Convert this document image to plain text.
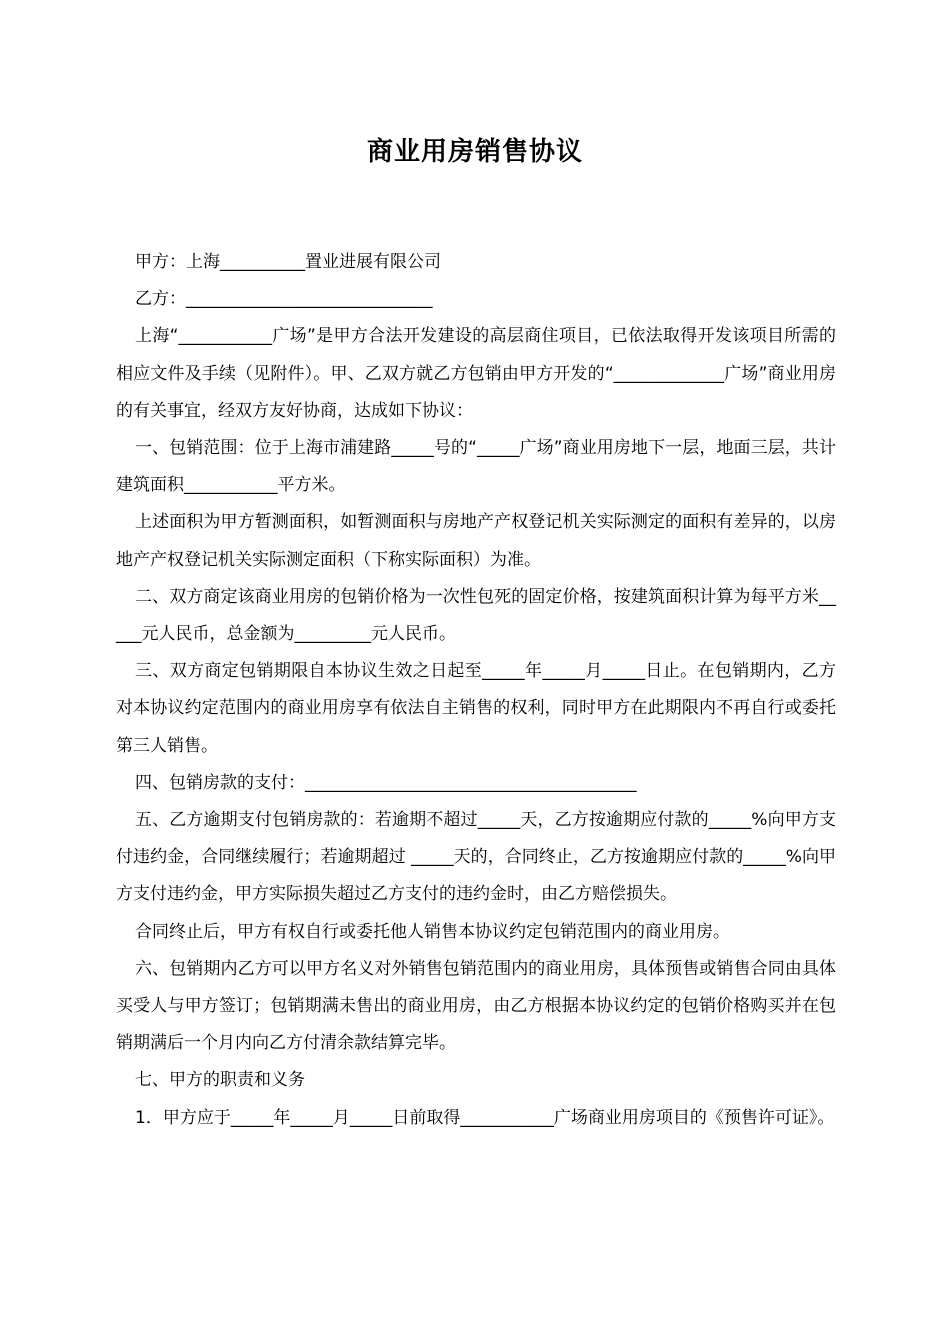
商业用房销售协议

甲方：上海__________置业进展有限公司

乙方：_____________________________

上海“___________广场”是甲方合法开发建设的高层商住项目，已依法取得开发该项目所需的相应文件及手续（见附件）。甲、乙双方就乙方包销由甲方开发的“_____________广场”商业用房的有关事宜，经双方友好协商，达成如下协议：

一、包销范围：位于上海市浦建路_____号的“_____广场”商业用房地下一层，地面三层，共计建筑面积___________平方米。

上述面积为甲方暂测面积，如暂测面积与房地产产权登记机关实际测定的面积有差异的，以房地产产权登记机关实际测定面积（下称实际面积）为准。

二、双方商定该商业用房的包销价格为一次性包死的固定价格，按建筑面积计算为每平方米_____元人民币，总金额为_________元人民币。

三、双方商定包销期限自本协议生效之日起至_____年_____月_____日止。在包销期内，乙方对本协议约定范围内的商业用房享有依法自主销售的权利，同时甲方在此期限内不再自行或委托第三人销售。

四、包销房款的支付：_______________________________________

五、乙方逾期支付包销房款的：若逾期不超过_____天，乙方按逾期应付款的_____%向甲方支付违约金，合同继续履行；若逾期超过 _____天的，合同终止，乙方按逾期应付款的_____%向甲方支付违约金，甲方实际损失超过乙方支付的违约金时，由乙方赔偿损失。

合同终止后，甲方有权自行或委托他人销售本协议约定包销范围内的商业用房。

六、包销期内乙方可以甲方名义对外销售包销范围内的商业用房，具体预售或销售合同由具体买受人与甲方签订；包销期满未售出的商业用房，由乙方根据本协议约定的包销价格购买并在包销期满后一个月内向乙方付清余款结算完毕。

七、甲方的职责和义务

1．甲方应于_____年_____月_____日前取得___________广场商业用房项目的《预售许可证》。
